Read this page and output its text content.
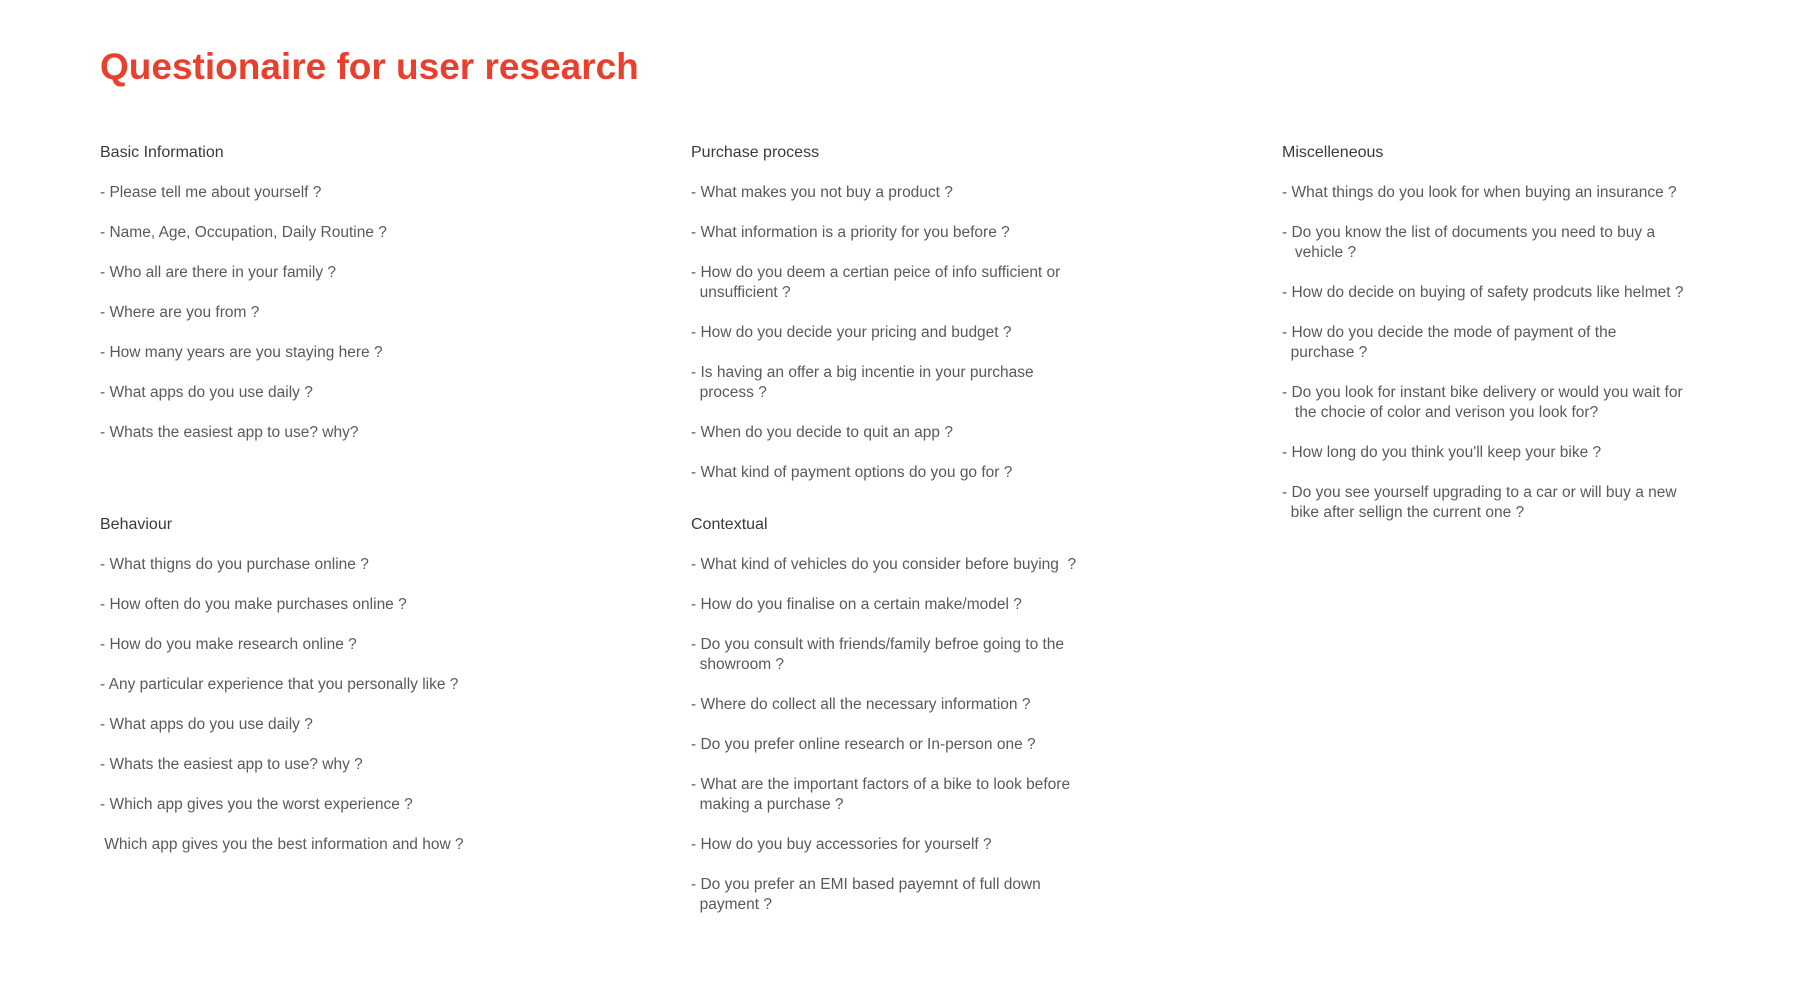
Questionaire for user research
Basic Information
- Please tell me about yourself ?
- Name, Age, Occupation, Daily Routine ?
- Who all are there in your family ?
- Where are you from ?
- How many years are you staying here ?
- What apps do you use daily ?
- Whats the easiest app to use? why?
Behaviour
- What thigns do you purchase online ?
- How often do you make purchases online ?
- How do you make research online ?
- Any particular experience that you personally like ?
- What apps do you use daily ?
- Whats the easiest app to use? why ?
- Which app gives you the worst experience ?
Which app gives you the best information and how ?
Purchase process
- What makes you not buy a product ?
- What information is a priority for you before ?
- How do you deem a certian peice of info sufficient or
unsufficient ?
- How do you decide your pricing and budget ?
- Is having an offer a big incentie in your purchase
process ?
- When do you decide to quit an app ?
- What kind of payment options do you go for ?
Contextual
- What kind of vehicles do you consider before buying  ?
- How do you finalise on a certain make/model ?
- Do you consult with friends/family befroe going to the
showroom ?
- Where do collect all the necessary information ?
- Do you prefer online research or In-person one ?
- What are the important factors of a bike to look before
making a purchase ?
- How do you buy accessories for yourself ?
- Do you prefer an EMI based payemnt of full down
payment ?
Miscelleneous
- What things do you look for when buying an insurance ?
- Do you know the list of documents you need to buy a
vehicle ?
- How do decide on buying of safety prodcuts like helmet ?
- How do you decide the mode of payment of the
purchase ?
- Do you look for instant bike delivery or would you wait for
the chocie of color and verison you look for?
- How long do you think you'll keep your bike ?
- Do you see yourself upgrading to a car or will buy a new
bike after sellign the current one ?
